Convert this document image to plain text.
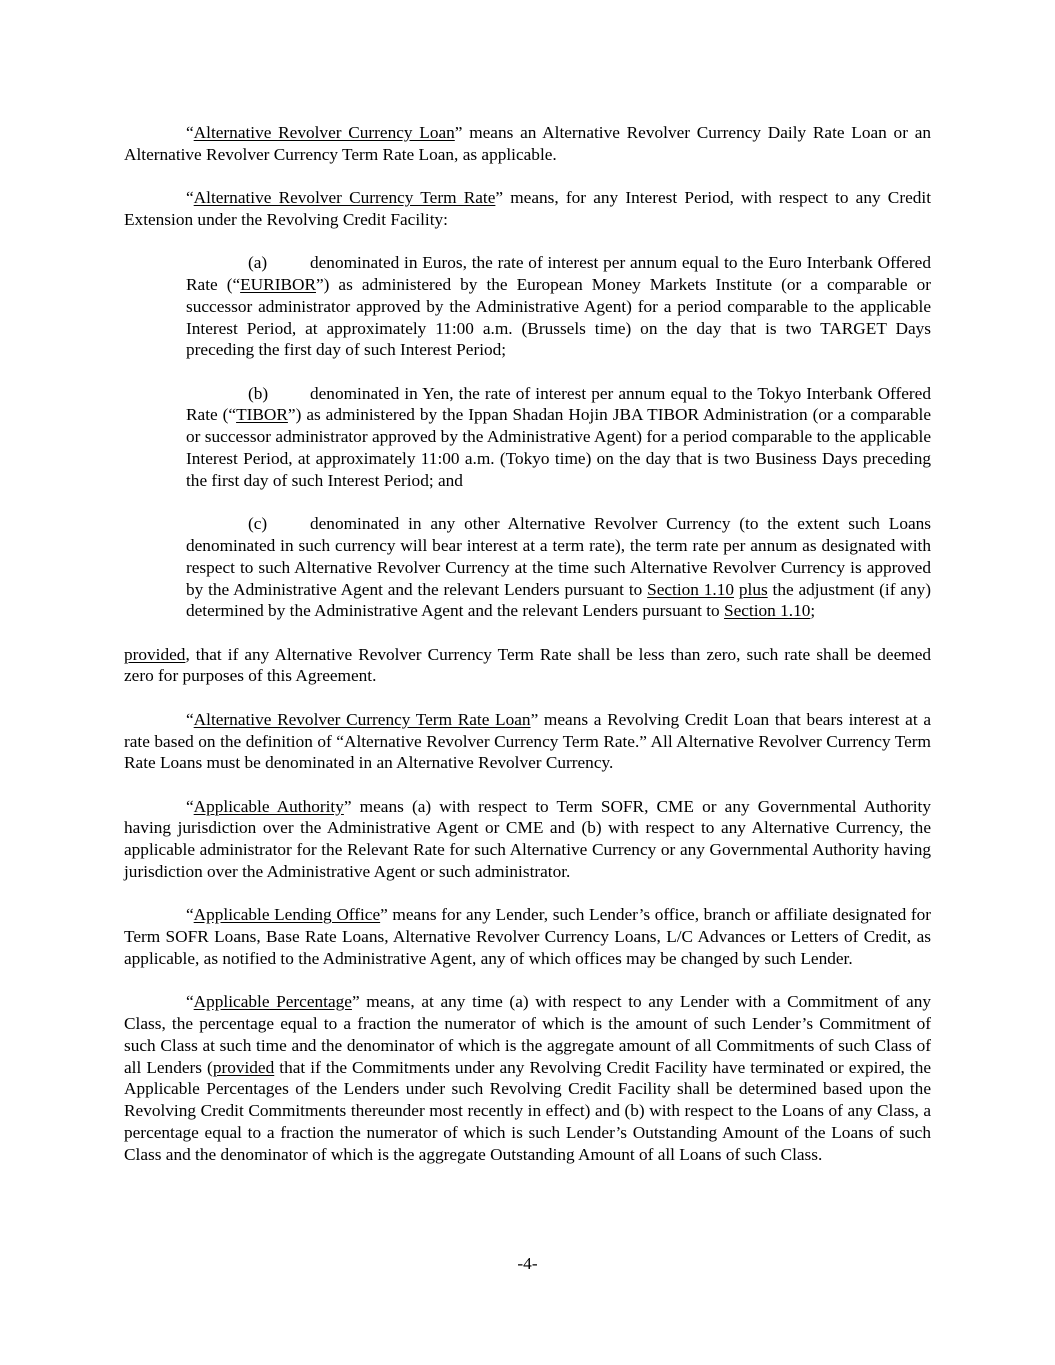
“Alternative Revolver Currency Loan” means an Alternative Revolver Currency Daily Rate Loan or an Alternative Revolver Currency Term Rate Loan, as applicable.

“Alternative Revolver Currency Term Rate” means, for any Interest Period, with respect to any Credit Extension under the Revolving Credit Facility:

(a) denominated in Euros, the rate of interest per annum equal to the Euro Interbank Offered Rate (“EURIBOR”) as administered by the European Money Markets Institute (or a comparable or successor administrator approved by the Administrative Agent) for a period comparable to the applicable Interest Period, at approximately 11:00 a.m. (Brussels time) on the day that is two TARGET Days preceding the first day of such Interest Period;

(b) denominated in Yen, the rate of interest per annum equal to the Tokyo Interbank Offered Rate (“TIBOR”) as administered by the Ippan Shadan Hojin JBA TIBOR Administration (or a comparable or successor administrator approved by the Administrative Agent) for a period comparable to the applicable Interest Period, at approximately 11:00 a.m. (Tokyo time) on the day that is two Business Days preceding the first day of such Interest Period; and

(c) denominated in any other Alternative Revolver Currency (to the extent such Loans denominated in such currency will bear interest at a term rate), the term rate per annum as designated with respect to such Alternative Revolver Currency at the time such Alternative Revolver Currency is approved by the Administrative Agent and the relevant Lenders pursuant to Section 1.10 plus the adjustment (if any) determined by the Administrative Agent and the relevant Lenders pursuant to Section 1.10;

provided, that if any Alternative Revolver Currency Term Rate shall be less than zero, such rate shall be deemed zero for purposes of this Agreement.

“Alternative Revolver Currency Term Rate Loan” means a Revolving Credit Loan that bears interest at a rate based on the definition of “Alternative Revolver Currency Term Rate.” All Alternative Revolver Currency Term Rate Loans must be denominated in an Alternative Revolver Currency.

“Applicable Authority” means (a) with respect to Term SOFR, CME or any Governmental Authority having jurisdiction over the Administrative Agent or CME and (b) with respect to any Alternative Currency, the applicable administrator for the Relevant Rate for such Alternative Currency or any Governmental Authority having jurisdiction over the Administrative Agent or such administrator.

“Applicable Lending Office” means for any Lender, such Lender’s office, branch or affiliate designated for Term SOFR Loans, Base Rate Loans, Alternative Revolver Currency Loans, L/C Advances or Letters of Credit, as applicable, as notified to the Administrative Agent, any of which offices may be changed by such Lender.

“Applicable Percentage” means, at any time (a) with respect to any Lender with a Commitment of any Class, the percentage equal to a fraction the numerator of which is the amount of such Lender’s Commitment of such Class at such time and the denominator of which is the aggregate amount of all Commitments of such Class of all Lenders (provided that if the Commitments under any Revolving Credit Facility have terminated or expired, the Applicable Percentages of the Lenders under such Revolving Credit Facility shall be determined based upon the Revolving Credit Commitments thereunder most recently in effect) and (b) with respect to the Loans of any Class, a percentage equal to a fraction the numerator of which is such Lender’s Outstanding Amount of the Loans of such Class and the denominator of which is the aggregate Outstanding Amount of all Loans of such Class.

-4-
